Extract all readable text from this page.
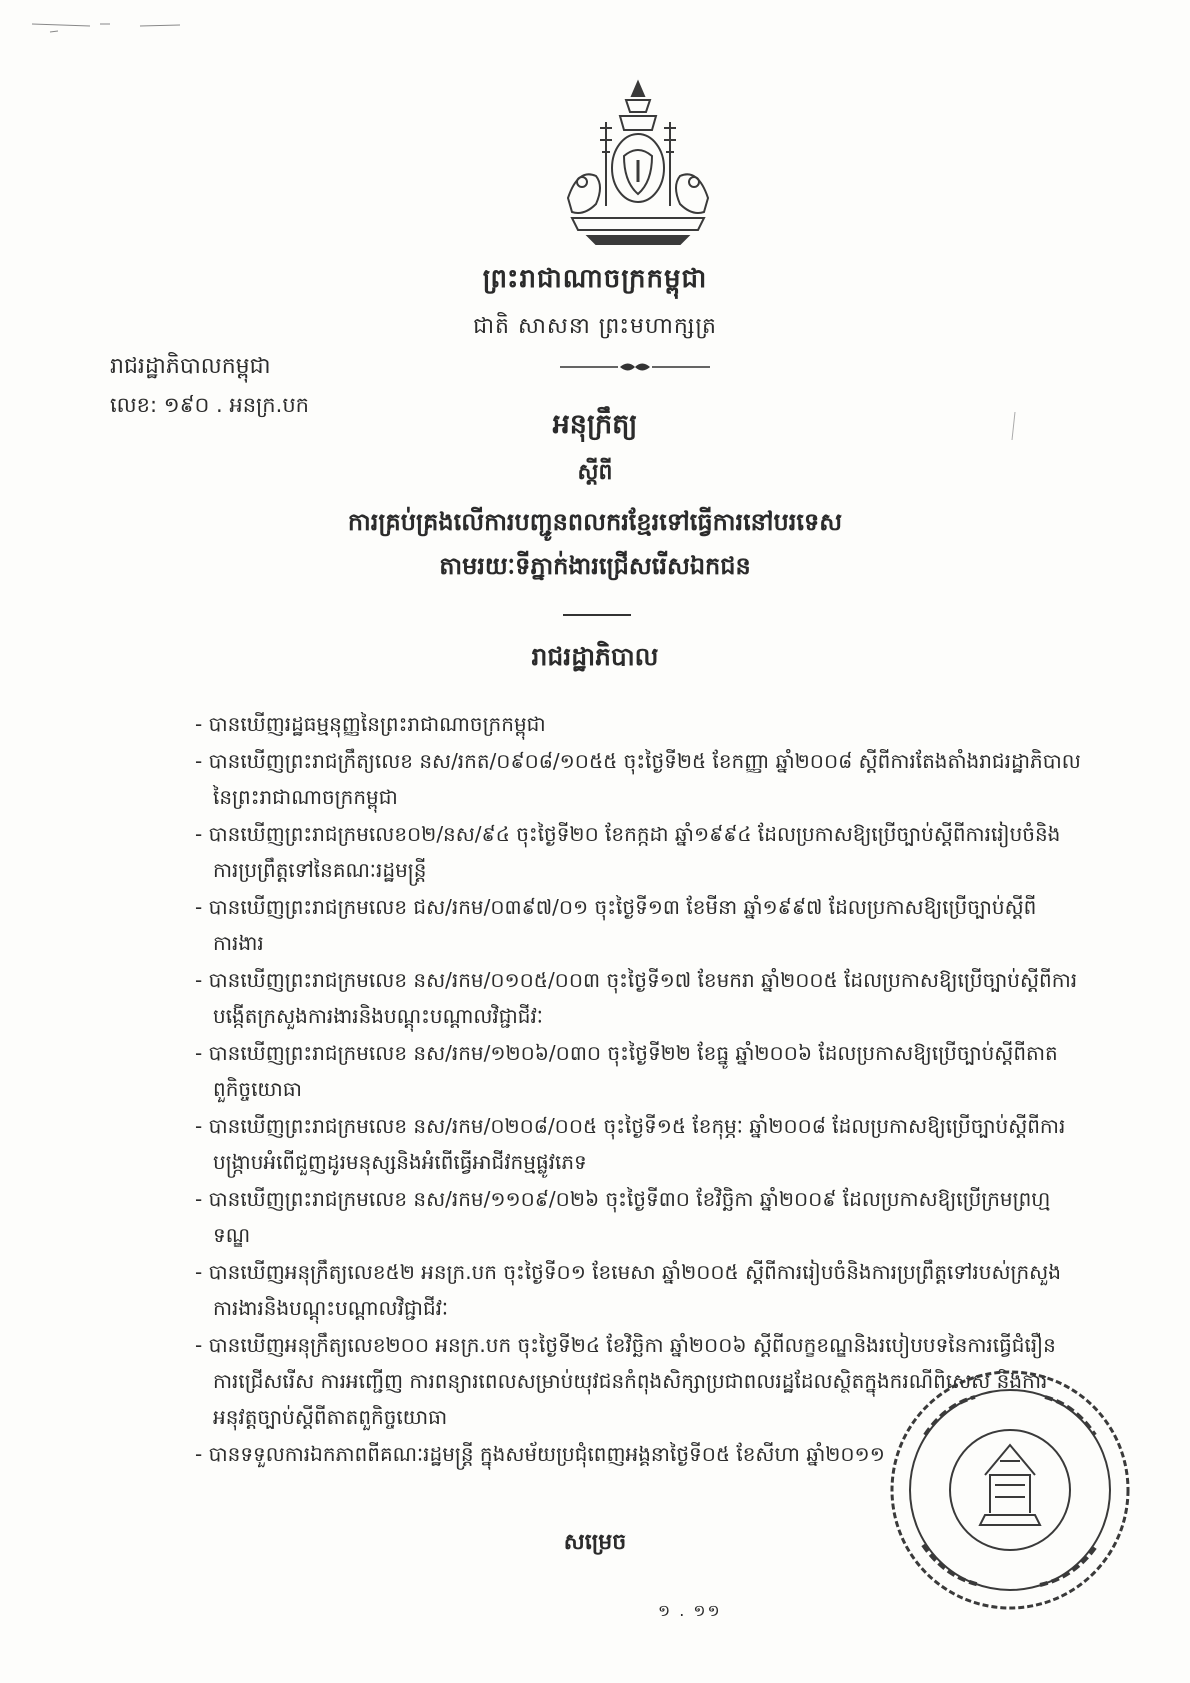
ព្រះរាជាណាចក្រកម្ពុជា
ជាតិ សាសនា ព្រះមហាក្សត្រ
រាជរដ្ឋាភិបាលកម្ពុជា
លេខ: ១៩០ . អនក្រ.បក
អនុក្រឹត្យ
ស្តីពី
ការគ្រប់គ្រងលើការបញ្ជូនពលករខ្មែរទៅធ្វើការនៅបរទេស
តាមរយៈទីភ្នាក់ងារជ្រើសរើសឯកជន
រាជរដ្ឋាភិបាល
- បានឃើញរដ្ឋធម្មនុញ្ញនៃព្រះរាជាណាចក្រកម្ពុជា
- បានឃើញព្រះរាជក្រឹត្យលេខ នស/រកត/០៩០៨/១០៥៥ ចុះថ្ងៃទី២៥ ខែកញ្ញា ឆ្នាំ២០០៨ ស្តីពីការតែងតាំងរាជរដ្ឋាភិបាលនៃព្រះរាជាណាចក្រកម្ពុជា
- បានឃើញព្រះរាជក្រមលេខ០២/នស/៩៤ ចុះថ្ងៃទី២០ ខែកក្កដា ឆ្នាំ១៩៩៤ ដែលប្រកាសឱ្យប្រើច្បាប់ស្តីពីការរៀបចំនិងការប្រព្រឹត្តទៅនៃគណៈរដ្ឋមន្ត្រី
- បានឃើញព្រះរាជក្រមលេខ ជស/រកម/០៣៩៧/០១ ចុះថ្ងៃទី១៣ ខែមីនា ឆ្នាំ១៩៩៧ ដែលប្រកាសឱ្យប្រើច្បាប់ស្តីពីការងារ
- បានឃើញព្រះរាជក្រមលេខ នស/រកម/០១០៥/០០៣ ចុះថ្ងៃទី១៧ ខែមករា ឆ្នាំ២០០៥ ដែលប្រកាសឱ្យប្រើច្បាប់ស្តីពីការបង្កើតក្រសួងការងារនិងបណ្តុះបណ្តាលវិជ្ជាជីវៈ
- បានឃើញព្រះរាជក្រមលេខ នស/រកម/១២០៦/០៣០ ចុះថ្ងៃទី២២ ខែធ្នូ ឆ្នាំ២០០៦ ដែលប្រកាសឱ្យប្រើច្បាប់ស្តីពីតាតពួកិច្ចយោធា
- បានឃើញព្រះរាជក្រមលេខ នស/រកម/០២០៨/០០៥ ចុះថ្ងៃទី១៥ ខែកុម្ភៈ ឆ្នាំ២០០៨ ដែលប្រកាសឱ្យប្រើច្បាប់ស្តីពីការបង្ក្រាបអំពើជួញដូរមនុស្សនិងអំពើធ្វើអាជីវកម្មផ្លូវភេទ
- បានឃើញព្រះរាជក្រមលេខ នស/រកម/១១០៩/០២៦ ចុះថ្ងៃទី៣០ ខែវិច្ឆិកា ឆ្នាំ២០០៩ ដែលប្រកាសឱ្យប្រើក្រមព្រហ្មទណ្ឌ
- បានឃើញអនុក្រឹត្យលេខ៥២ អនក្រ.បក ចុះថ្ងៃទី០១ ខែមេសា ឆ្នាំ២០០៥ ស្តីពីការរៀបចំនិងការប្រព្រឹត្តទៅរបស់ក្រសួងការងារនិងបណ្តុះបណ្តាលវិជ្ជាជីវៈ
- បានឃើញអនុក្រឹត្យលេខ២០០ អនក្រ.បក ចុះថ្ងៃទី២៤ ខែវិច្ឆិកា ឆ្នាំ២០០៦ ស្តីពីលក្ខខណ្ឌនិងរបៀបបទនៃការធ្វើជំរឿន ការជ្រើសរើស ការអញ្ជើញ ការពន្យារពេលសម្រាប់យុវជនកំពុងសិក្សាប្រជាពលរដ្ឋដែលស្ថិតក្នុងករណីពិសេស និងការអនុវត្តច្បាប់ស្តីពីតាតពួកិច្ចយោធា
- បានទទួលការឯកភាពពីគណៈរដ្ឋមន្ត្រី ក្នុងសម័យប្រជុំពេញអង្គនាថ្ងៃទី០៥ ខែសីហា ឆ្នាំ២០១១
សម្រេច
១ . ១១
